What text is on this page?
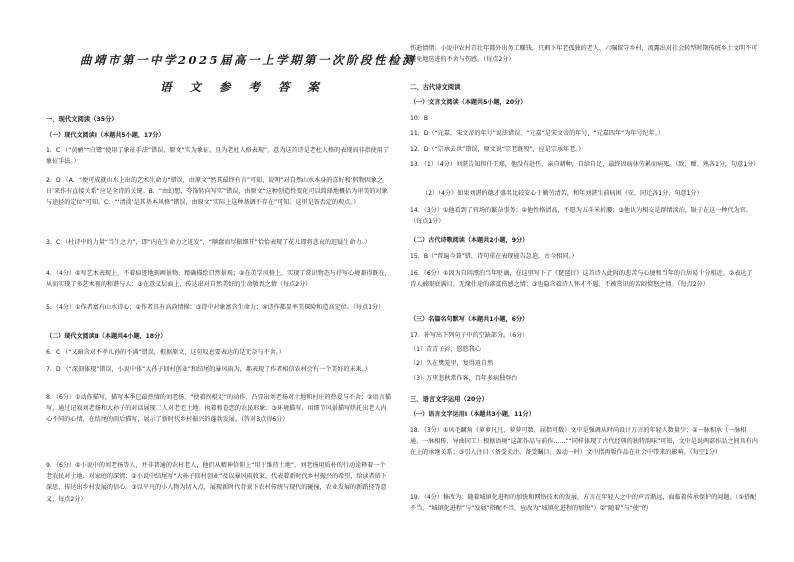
曲靖市第一中学2025届高一上学期第一次阶段性检测
语 文 参 考 答 案

一、现代文阅读（35分）

（一）现代文阅读Ⅰ（本题共5小题，17分）

1．C （“黄鹂”“白鹭”使用了象征手法”错误，原文“实为象征，且为老杜人格表现”，意为这首诗是老杜人格的表现而非指使用了象征手法。）

2．D （A．“便可成就山水上出的艺术生命力”错误，由原文“然其最终有言”可知，说明“对自然山水本身的喜好和‘假物因象之日’来作有直接关系”应是全诗的关键。B．“由幻想、夸饰转向写实”错误，由原文“这种创造性变化可以简择地概括为审美的对象与途径的定位”可知。C．“‘清淡’是其基本风格”错误，由原文“实际上这种基调不存在”可知。这里是答否定的观点。）

3．C （杜诗中的力量“当生之力”，即“内在生命力之迸发”，“顺蠢而尽振细开”恰恰表现了花儿即将悲哀的迟疑生命力。）

4．（4分）①写艺术表现上，不着痕迹地刻画景物、精确描绘自然景观；②在美学风格上，实现了赏识物态与抒写心境兼得既在，从而实现了多艺术视的和谐与人；③在意义层面上，传达出对自然美好的生命敬畏之情（每点2分）

5．（4分）①作者富有山水诗心；②作者具有高尚情操；③诗中对象富含生命力；④诗作都显率美探险和造高定位。（每点1分）

（二）现代文阅读Ⅱ（本题共4小题，18分）

6．C （“又暗含对不孝儿孙的不满”错误，根据原文，这句叹息要表达的是无奈与不舍。）

7．D （“深刻体现”错误，小说中体“大孙子回村创业”和结尾的暴风雨为，都表现了作者相信农村会有一个美好的未来。）

8．（6分）①动作描写，描写本季已最热情的刘老扬，“使着拐棍走”的动作，凸显出刘老扬对土地和村庄的热爱与不舍；②语言描写，通过记叙刘老扬和大孙子的对话展现二人对老宅土地。执着和眷恋的农民形象；③环境描写，用细节风景描写烘托出老人内心不同的心情，在结尾的雨后描写，展示了新时代乡村振兴的蓬勃发展。（答对3点得6分）

9．（6分）①小说中的刘老扬等人，并非普通的农村老人，他们从精神信仰上“用于维持土地”，刘老扬用质朴的行动诠释着一个老农民对土地、对家庭的深情；②小说中结尾写“大孙子回村创业”及以暴风雨收束，代表着新时代乡村振兴的希望，给读者留下深思，传达出乡村发展的信心。③以平凡的小人物为切入点，展现新时代背景下农村传统与现代的碰撞，农业发展的新路径等意义，每点2分）

伤逝情绪：小说中农村青壮年都外出务工赚钱，只剩下年老孤独的老人、六嘱留守乡村，流露出对社会转型时期传统乡土文明不可避免地迭进的不舍与伤感。（每点2分）

二、古代诗文阅读

（一）文言文阅读（本题共5小题，20分）

10．B

11．D（“元嘉，宋文帝的年号”说法错误，“元嘉”是宋文帝的年号，“元嘉四年”为年号纪年。）

12．D（“宗承去世”错误，原文说“宗老既殁”，应是宗承年老。）

13．（1）（4分）刘湛告知担任王郑，他没有赴任，亲自耕种，自给自足，最终因病休劳累而病死。（致、酣、熟各1分，句意1分）

（2）（4分）如果刘湛的德才盛名比较安心于勤劳清苦，和年刘湛生前病困（安、同迁各1分，句意1分）

14．（3分）①他看到了官场的繁杂事务；②他性格清高，不愿为五斗米折腰；③他认为相交是群情淡泊，耻于在这一种代为官。（每点1分）

（二）古代诗歌阅读（本题共2小题，9分）

15．B（“普遍今兼”错，诗句重在表现能告急迫，古今相同。）

16．（6分）①因为自问漂泊当年贬谪，在这里写下了《琵琶行》这首诗人此时的悲苦与心境和当年的白居易十分相近。②表达了诗人被眼底满目、无缘仕途的落寞伤感之情；③也隐含着诗人怀才不遇、不被赏识的苦闷愤怒之情。（每点2分）

（三）名篇名句默写（本题共1小题，6分）

17．补写出下列句子中的空缺部分。（6分）

（1）青青子衿，悠悠我心

（2）久在樊笼里，复得返自然

（3）万里悲秋常作客，百年多病独登台

三、语言文字运用（20分）

（一）语言文字运用Ⅰ（本题共3小题，11分）

18．（3分）①风毛麟角（萝萝凡凡、萝萝可数、屈指可数）文中是强调从时尚设计万言的年轻人数量少；②一脉相承（一脉相通、一脉相传、异曲同工）根据语境“这部作品与前作……”“同样体现了古代经典的独特韵味”可知，文中是说两部作品之间具有内在上的承继关系；③引人注目（备受关注、备受瞩目、轰动一时）文中指再版作品在社会中带来的影响。（每空1分）

19．（4分）修改为：随着城镇化进程的加快和网络技术的发展，方言在年轻人之中的声音渐远，面临着传承保护的问题。（①搭配不当，“城镇化进程”与“发展”搭配不当，应改为“城镇化进程的加快”）②“随着”与“使”的
